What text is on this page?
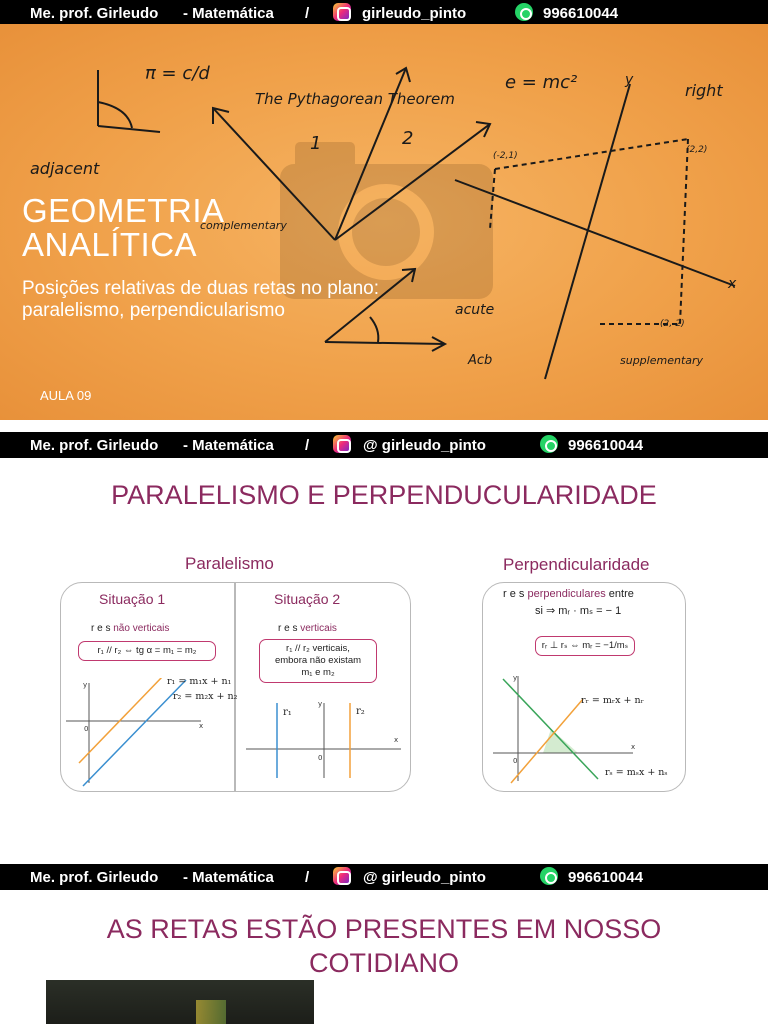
Me. prof. Girleudo - Matemática /	girleudo_pinto	996610044
π = c/d
The Pythagorean Theorem
e = mc²	right
adjacent
complementary
acute
Acb	supplementary
1	2
x
y
(-2,1)
(2,2)
(2,-2)
GEOMETRIA
ANALÍTICA
Posições relativas de duas retas no plano: paralelismo, perpendicularismo
AULA 09
Me. prof. Girleudo - Matemática /	@ girleudo_pinto	996610044
PARALELISMO E PERPENDUCULARIDADE
Paralelismo	Perpendicularidade
Situação 1	Situação 2
r e s não verticais
r₁ // r₂ ⇔ tg α = m₁ = m₂
r e s verticais
r₁ // r₂ verticais,
embora não existam
m₁ e m₂
y
0	x
r₁ = m₁x + n₁
r₂ = m₂x + n₂
y
0
x
r₁	r₂
r e s perpendiculares entre
si ⇒ mᵣ · mₛ = − 1
rᵣ ⊥ rₛ ⇔ mᵣ = −1/mₛ
y
0
x
rᵣ = mᵣx + nᵣ
rₛ = mₛx + nₛ
Me. prof. Girleudo - Matemática /	@ girleudo_pinto	996610044
AS RETAS ESTÃO PRESENTES EM NOSSO COTIDIANO
